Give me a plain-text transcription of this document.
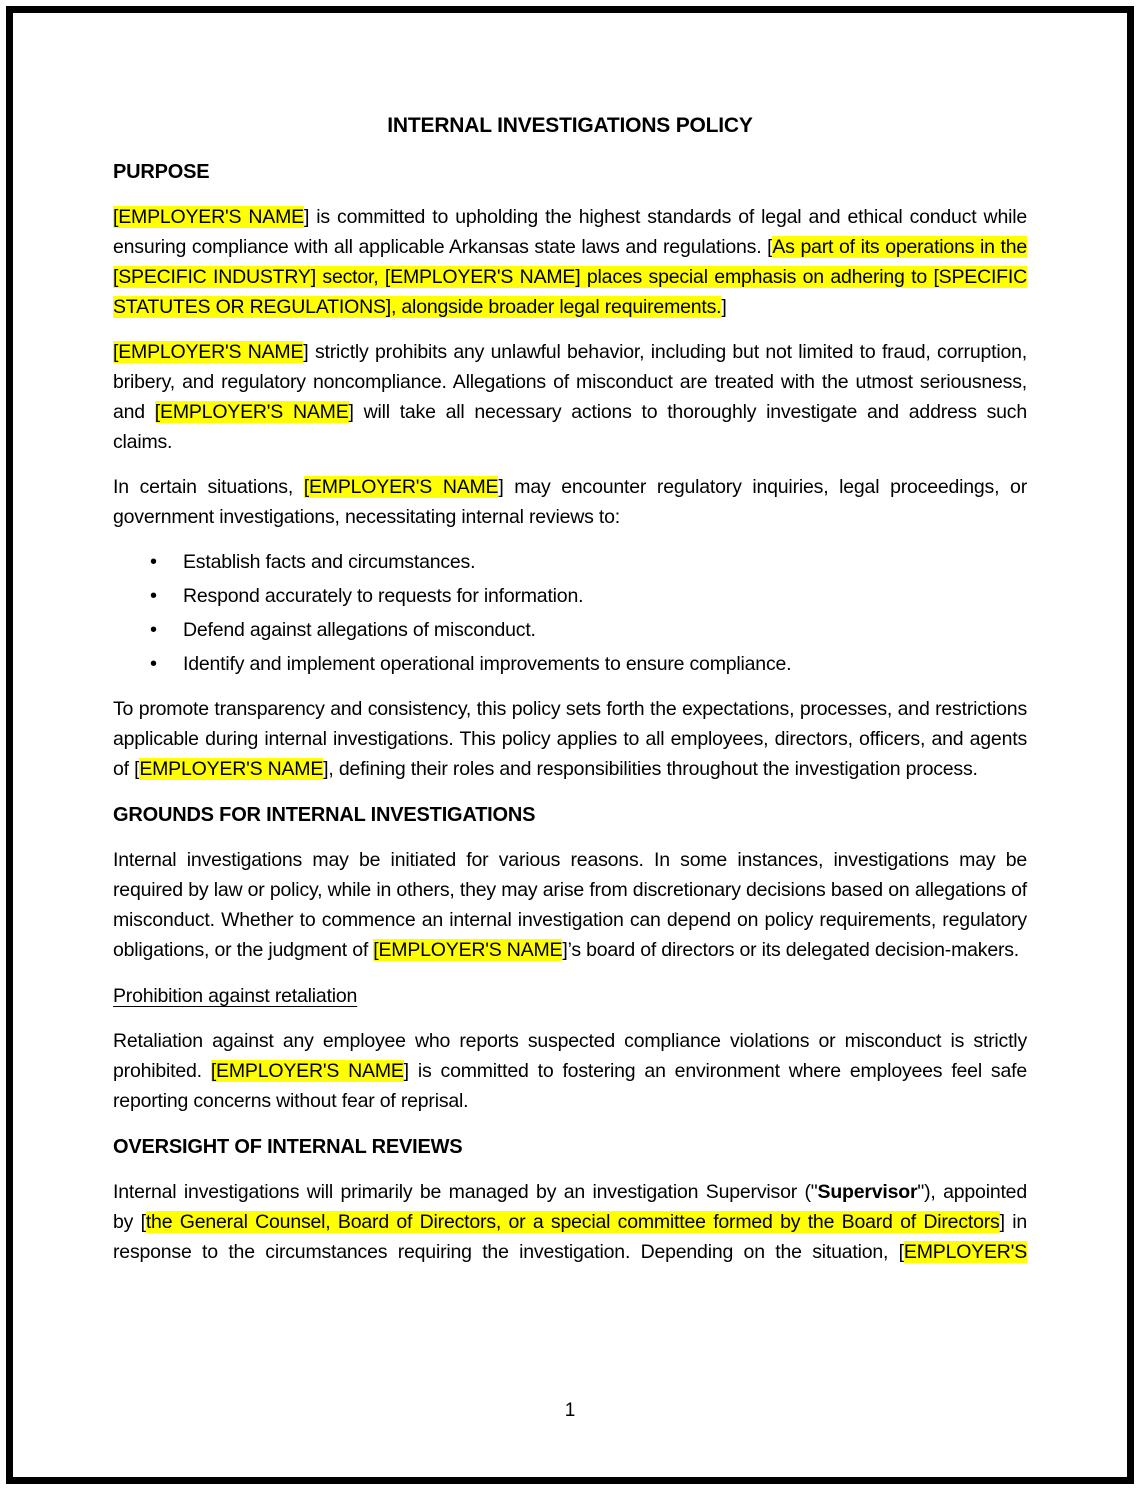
INTERNAL INVESTIGATIONS POLICY
PURPOSE

[EMPLOYER'S NAME] is committed to upholding the highest standards of legal and ethical conduct while ensuring compliance with all applicable Arkansas state laws and regulations. [As part of its operations in the [SPECIFIC INDUSTRY] sector, [EMPLOYER'S NAME] places special emphasis on adhering to [SPECIFIC STATUTES OR REGULATIONS], alongside broader legal requirements.]

[EMPLOYER'S NAME] strictly prohibits any unlawful behavior, including but not limited to fraud, corruption, bribery, and regulatory noncompliance. Allegations of misconduct are treated with the utmost seriousness, and [EMPLOYER'S NAME] will take all necessary actions to thoroughly investigate and address such claims.

In certain situations, [EMPLOYER'S NAME] may encounter regulatory inquiries, legal proceedings, or government investigations, necessitating internal reviews to:

• Establish facts and circumstances.
• Respond accurately to requests for information.
• Defend against allegations of misconduct.
• Identify and implement operational improvements to ensure compliance.

To promote transparency and consistency, this policy sets forth the expectations, processes, and restrictions applicable during internal investigations. This policy applies to all employees, directors, officers, and agents of [EMPLOYER'S NAME], defining their roles and responsibilities throughout the investigation process.

GROUNDS FOR INTERNAL INVESTIGATIONS

Internal investigations may be initiated for various reasons. In some instances, investigations may be required by law or policy, while in others, they may arise from discretionary decisions based on allegations of misconduct. Whether to commence an internal investigation can depend on policy requirements, regulatory obligations, or the judgment of [EMPLOYER'S NAME]’s board of directors or its delegated decision-makers.

Prohibition against retaliation

Retaliation against any employee who reports suspected compliance violations or misconduct is strictly prohibited. [EMPLOYER'S NAME] is committed to fostering an environment where employees feel safe reporting concerns without fear of reprisal.

OVERSIGHT OF INTERNAL REVIEWS

Internal investigations will primarily be managed by an investigation Supervisor ("Supervisor"), appointed by [the General Counsel, Board of Directors, or a special committee formed by the Board of Directors] in response to the circumstances requiring the investigation. Depending on the situation, [EMPLOYER'S

1
